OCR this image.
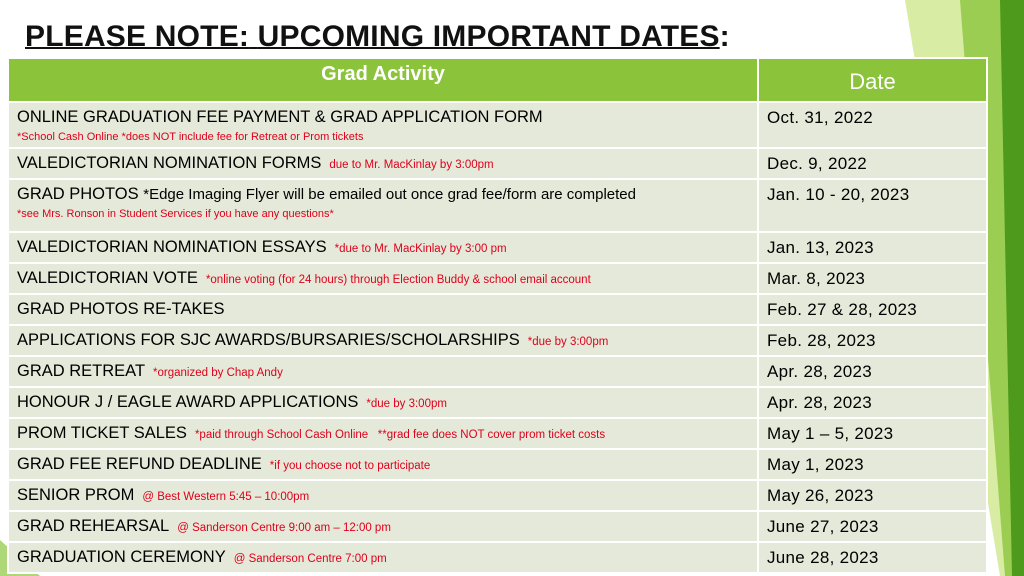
PLEASE NOTE: UPCOMING IMPORTANT DATES:
Grad Activity	Date
ONLINE GRADUATION FEE PAYMENT & GRAD APPLICATION FORM
*School Cash Online *does NOT include fee for Retreat or Prom tickets	Oct. 31, 2022
VALEDICTORIAN NOMINATION FORMS due to Mr. MacKinlay by 3:00pm	Dec. 9, 2022
GRAD PHOTOS *Edge Imaging Flyer will be emailed out once grad fee/form are completed
*see Mrs. Ronson in Student Services if you have any questions*	Jan. 10 - 20, 2023
VALEDICTORIAN NOMINATION ESSAYS *due to Mr. MacKinlay by 3:00 pm	Jan. 13, 2023
VALEDICTORIAN VOTE *online voting (for 24 hours) through Election Buddy & school email account	Mar. 8, 2023
GRAD PHOTOS RE-TAKES	Feb. 27 & 28, 2023
APPLICATIONS FOR SJC AWARDS/BURSARIES/SCHOLARSHIPS *due by 3:00pm	Feb. 28, 2023
GRAD RETREAT *organized by Chap Andy	Apr. 28, 2023
HONOUR J / EAGLE AWARD APPLICATIONS *due by 3:00pm	Apr. 28, 2023
PROM TICKET SALES *paid through School Cash Online   **grad fee does NOT cover prom ticket costs	May 1 – 5, 2023
GRAD FEE REFUND DEADLINE *if you choose not to participate	May 1, 2023
SENIOR PROM @ Best Western 5:45 – 10:00pm	May 26, 2023
GRAD REHEARSAL @ Sanderson Centre 9:00 am – 12:00 pm	June 27, 2023
GRADUATION CEREMONY @ Sanderson Centre 7:00 pm	June 28, 2023
